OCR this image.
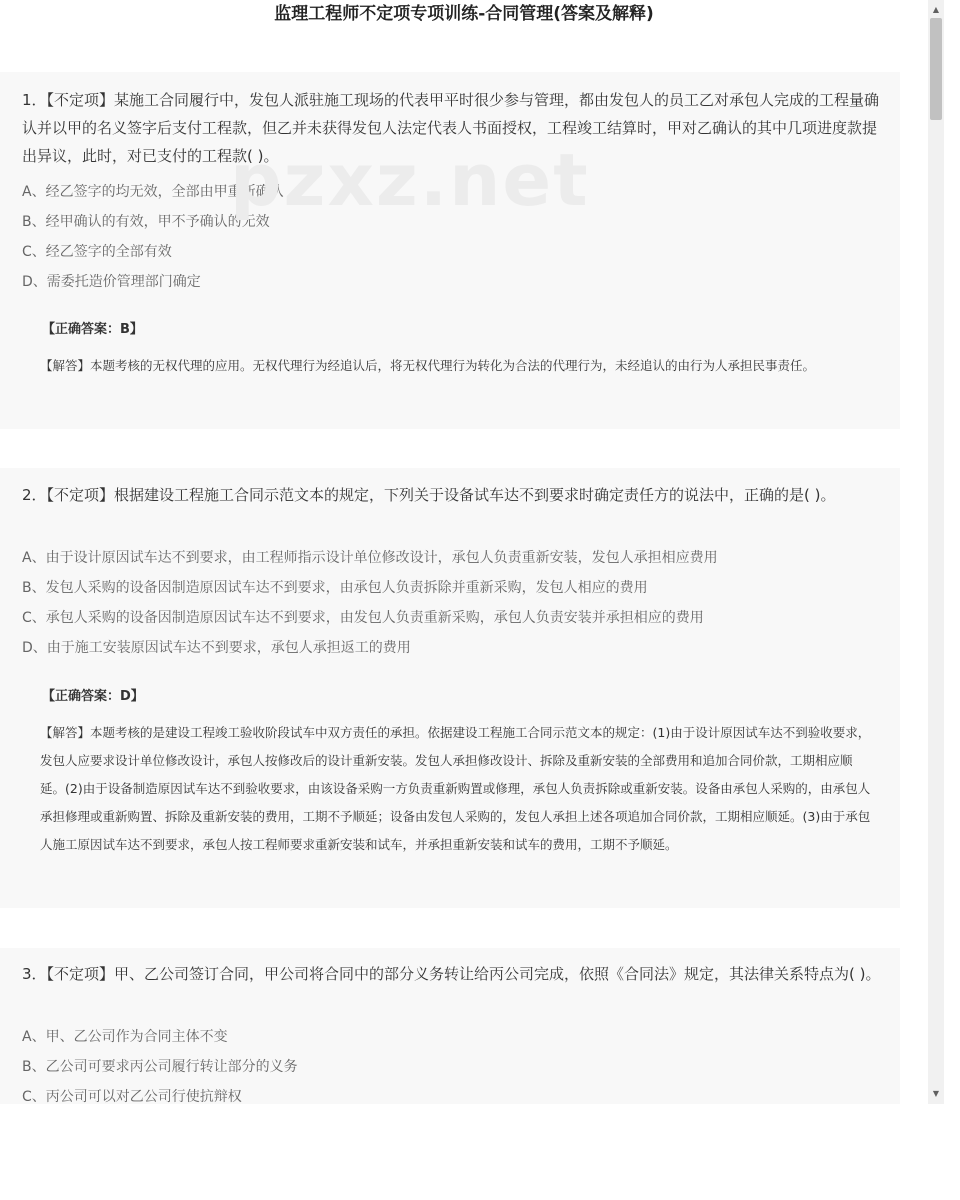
监理工程师不定项专项训练-合同管理(答案及解释)
1．【不定项】某施工合同履行中，发包人派驻施工现场的代表甲平时很少参与管理，都由发包人的员工乙对承包人完成的工程量确认并以甲的名义签字后支付工程款，但乙并未获得发包人法定代表人书面授权，工程竣工结算时，甲对乙确认的其中几项进度款提出异议，此时，对已支付的工程款( )。
A、经乙签字的均无效，全部由甲重新确认
B、经甲确认的有效，甲不予确认的无效
C、经乙签字的全部有效
D、需委托造价管理部门确定
【正确答案：B】
【解答】本题考核的无权代理的应用。无权代理行为经追认后，将无权代理行为转化为合法的代理行为，未经追认的由行为人承担民事责任。
2．【不定项】根据建设工程施工合同示范文本的规定，下列关于设备试车达不到要求时确定责任方的说法中，正确的是( )。
A、由于设计原因试车达不到要求，由工程师指示设计单位修改设计，承包人负责重新安装，发包人承担相应费用
B、发包人采购的设备因制造原因试车达不到要求，由承包人负责拆除并重新采购，发包人相应的费用
C、承包人采购的设备因制造原因试车达不到要求，由发包人负责重新采购，承包人负责安装并承担相应的费用
D、由于施工安装原因试车达不到要求，承包人承担返工的费用
【正确答案：D】
【解答】本题考核的是建设工程竣工验收阶段试车中双方责任的承担。依据建设工程施工合同示范文本的规定：(1)由于设计原因试车达不到验收要求，发包人应要求设计单位修改设计，承包人按修改后的设计重新安装。发包人承担修改设计、拆除及重新安装的全部费用和追加合同价款，工期相应顺延。(2)由于设备制造原因试车达不到验收要求，由该设备采购一方负责重新购置或修理，承包人负责拆除或重新安装。设备由承包人采购的，由承包人承担修理或重新购置、拆除及重新安装的费用，工期不予顺延；设备由发包人采购的，发包人承担上述各项追加合同价款，工期相应顺延。(3)由于承包人施工原因试车达不到要求，承包人按工程师要求重新安装和试车，并承担重新安装和试车的费用，工期不予顺延。
3．【不定项】甲、乙公司签订合同，甲公司将合同中的部分义务转让给丙公司完成，依照《合同法》规定，其法律关系特点为( )。
A、甲、乙公司作为合同主体不变
B、乙公司可要求丙公司履行转让部分的义务
C、丙公司可以对乙公司行使抗辩权
pzxz.net
▲
▼
